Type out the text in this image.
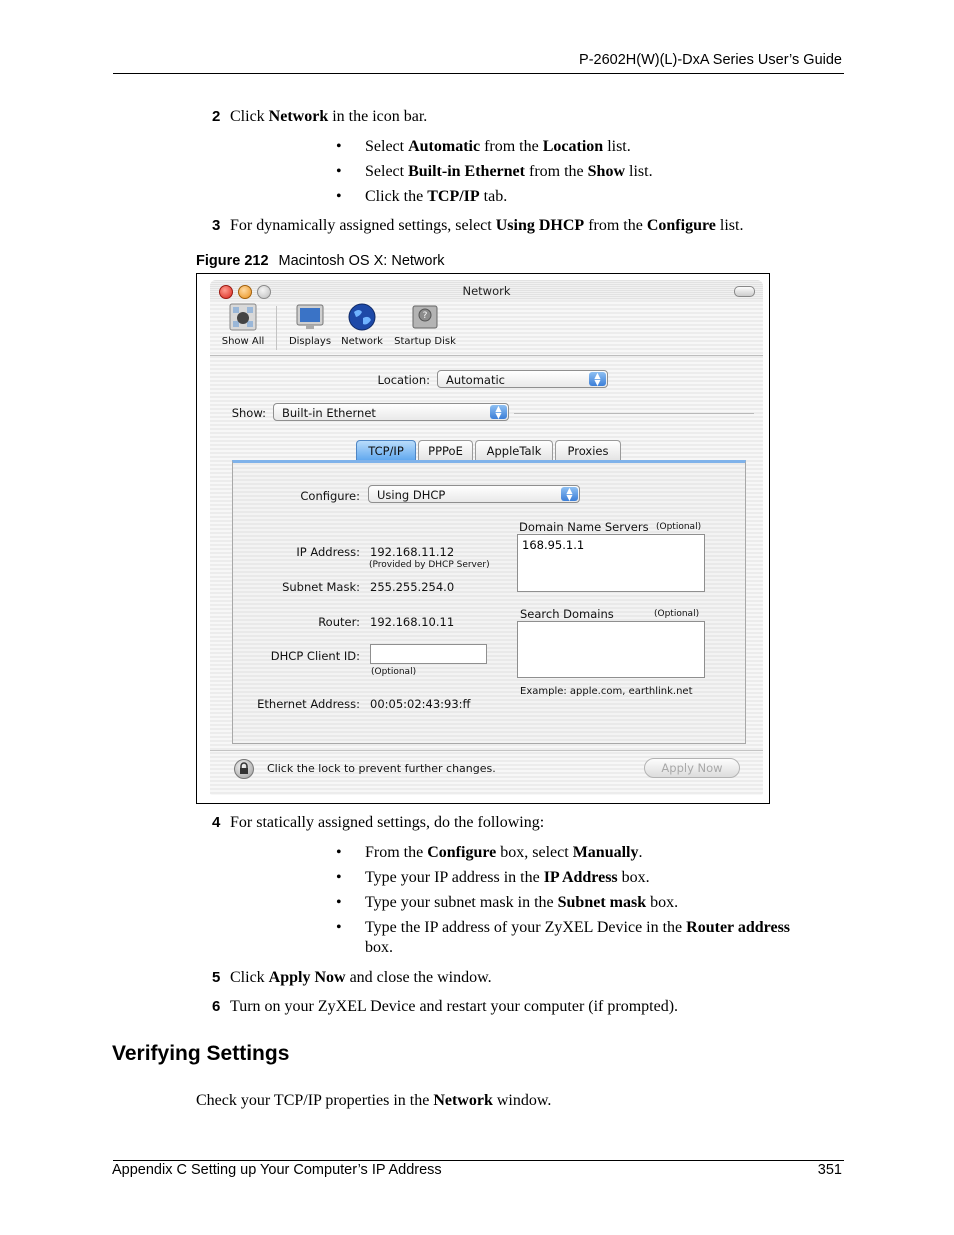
P-2602H(W)(L)-DxA Series User’s Guide
2 Click Network in the icon bar.
• Select Automatic from the Location list.
• Select Built-in Ethernet from the Show list.
• Click the TCP/IP tab.
3 For dynamically assigned settings, select Using DHCP from the Configure list.
Figure 212 Macintosh OS X: Network
Network
Show All	Displays	Network
?
Startup Disk
Location:	Automatic	▲
▼
Show:	Built-in Ethernet	▲
▼
TCP/IP	PPPoE	AppleTalk	Proxies
Configure:	Using DHCP	▲
▼
IP Address: 192.168.11.12
(Provided by DHCP Server)
Subnet Mask: 255.255.254.0
Router: 192.168.10.11
DHCP Client ID:
(Optional)
Ethernet Address: 00:05:02:43:93:ff
Domain Name Servers (Optional)
168.95.1.1
Search Domains	(Optional)
Example: apple.com, earthlink.net
Click the lock to prevent further changes.	Apply Now
4 For statically assigned settings, do the following:
• From the Configure box, select Manually.
• Type your IP address in the IP Address box.
• Type your subnet mask in the Subnet mask box.
• Type the IP address of your ZyXEL Device in the Router address
box.
5 Click Apply Now and close the window.
6 Turn on your ZyXEL Device and restart your computer (if prompted).
Verifying Settings
Check your TCP/IP properties in the Network window.
Appendix C Setting up Your Computer’s IP Address	351
